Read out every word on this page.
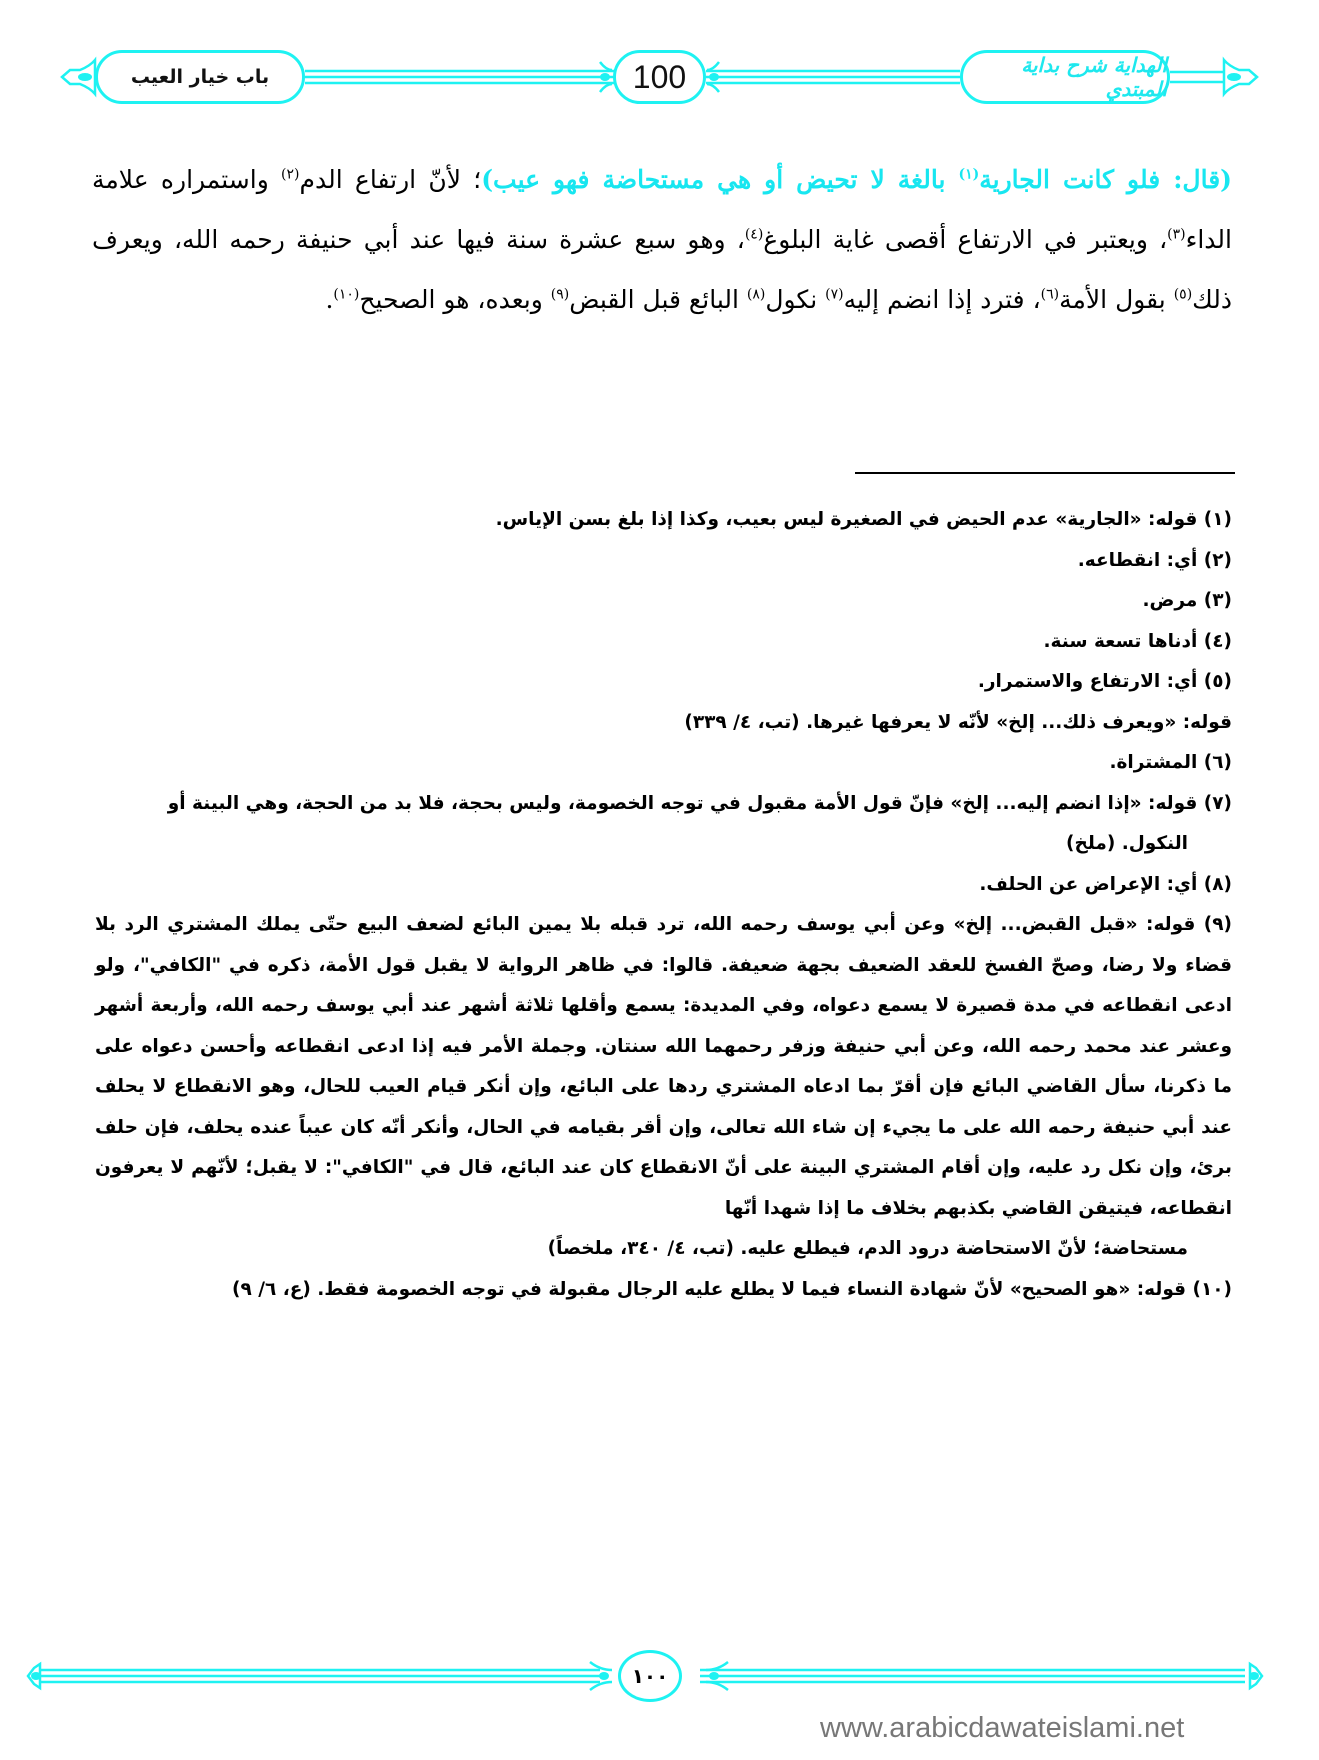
باب خيار العيب	100	الهداية شرح بداية المبتدي

(قال: فلو كانت الجارية$^{(١)}$ بالغة لا تحيض أو هي مستحاضة فهو عيب)؛ لأنّ ارتفاع الدم$^{(٢)}$ واستمراره علامة الداء$^{(٣)}$، ويعتبر في الارتفاع أقصى غاية البلوغ$^{(٤)}$، وهو سبع عشرة سنة فيها عند أبي حنيفة رحمه الله، ويعرف ذلك$^{(٥)}$ بقول الأمة$^{(٦)}$، فترد إذا انضم إليه$^{(٧)}$ نكول$^{(٨)}$ البائع قبل القبض$^{(٩)}$ وبعده، هو الصحيح$^{(١٠)}$.

(١) قوله: «الجارية» عدم الحيض في الصغيرة ليس بعيب، وكذا إذا بلغ بسن الإياس.

(٢) أي: انقطاعه.

(٣) مرض.

(٤) أدناها تسعة سنة.

(٥) أي: الارتفاع والاستمرار.

قوله: «ويعرف ذلك... إلخ» لأنّه لا يعرفها غيرها. (تب، ٤/ ٣٣٩)

(٦) المشتراة.

(٧) قوله: «إذا انضم إليه... إلخ» فإنّ قول الأمة مقبول في توجه الخصومة، وليس بحجة، فلا بد من الحجة، وهي البينة أو

النكول. (ملخ)

(٨) أي: الإعراض عن الحلف.

(٩) قوله: «قبل القبض... إلخ» وعن أبي يوسف رحمه الله، ترد قبله بلا يمين البائع لضعف البيع حتّى يملك المشتري الرد بلا قضاء ولا رضا، وصحّ الفسخ للعقد الضعيف بجهة ضعيفة. قالوا: في ظاهر الرواية لا يقبل قول الأمة، ذكره في "الكافي"، ولو ادعى انقطاعه في مدة قصيرة لا يسمع دعواه، وفي المديدة: يسمع وأقلها ثلاثة أشهر عند أبي يوسف رحمه الله، وأربعة أشهر وعشر عند محمد رحمه الله، وعن أبي حنيفة وزفر رحمهما الله سنتان. وجملة الأمر فيه إذا ادعى انقطاعه وأحسن دعواه على ما ذكرنا، سأل القاضي البائع فإن أقرّ بما ادعاه المشتري ردها على البائع، وإن أنكر قيام العيب للحال، وهو الانقطاع لا يحلف عند أبي حنيفة رحمه الله على ما يجيء إن شاء الله تعالى، وإن أقر بقيامه في الحال، وأنكر أنّه كان عيباً عنده يحلف، فإن حلف برئ، وإن نكل رد عليه، وإن أقام المشتري البينة على أنّ الانقطاع كان عند البائع، قال في "الكافي": لا يقبل؛ لأنّهم لا يعرفون انقطاعه، فيتيقن القاضي بكذبهم بخلاف ما إذا شهدا أنّها

مستحاضة؛ لأنّ الاستحاضة درود الدم، فيطلع عليه. (تب، ٤/ ٣٤٠، ملخصاً)

(١٠) قوله: «هو الصحيح» لأنّ شهادة النساء فيما لا يطلع عليه الرجال مقبولة في توجه الخصومة فقط. (ع، ٦/ ٩)

١٠٠
www.arabicdawateislami.net
